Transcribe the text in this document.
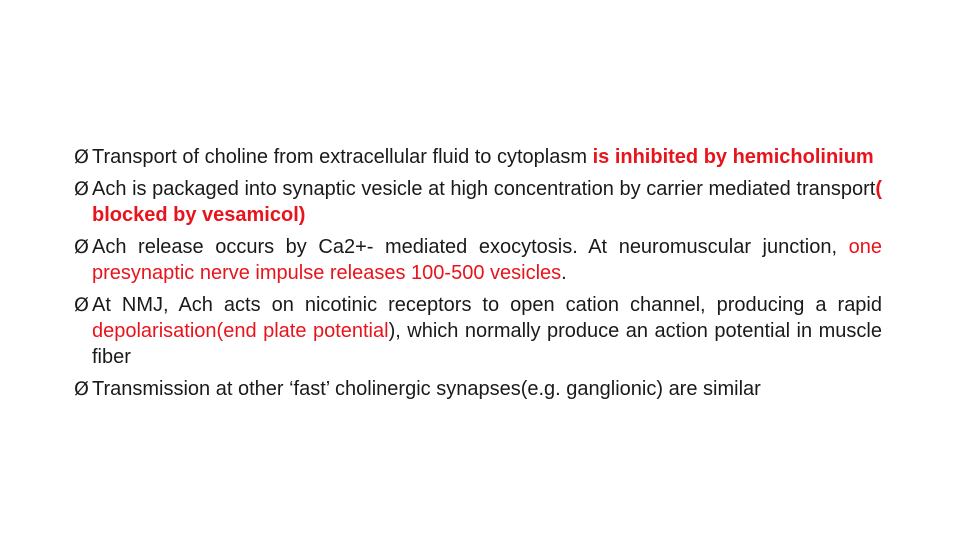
Ø Transport of choline from extracellular fluid to cytoplasm is inhibited by hemicholinium
Ø Ach is packaged into synaptic vesicle at high concentration by carrier mediated transport( blocked by vesamicol)
Ø Ach release occurs by Ca2+- mediated exocytosis. At neuromuscular junction, one presynaptic nerve impulse releases 100-500 vesicles.
Ø At NMJ, Ach acts on nicotinic receptors to open cation channel, producing a rapid depolarisation(end plate potential), which normally produce an action potential in muscle fiber
Ø Transmission at other ‘fast’ cholinergic synapses(e.g. ganglionic) are similar
